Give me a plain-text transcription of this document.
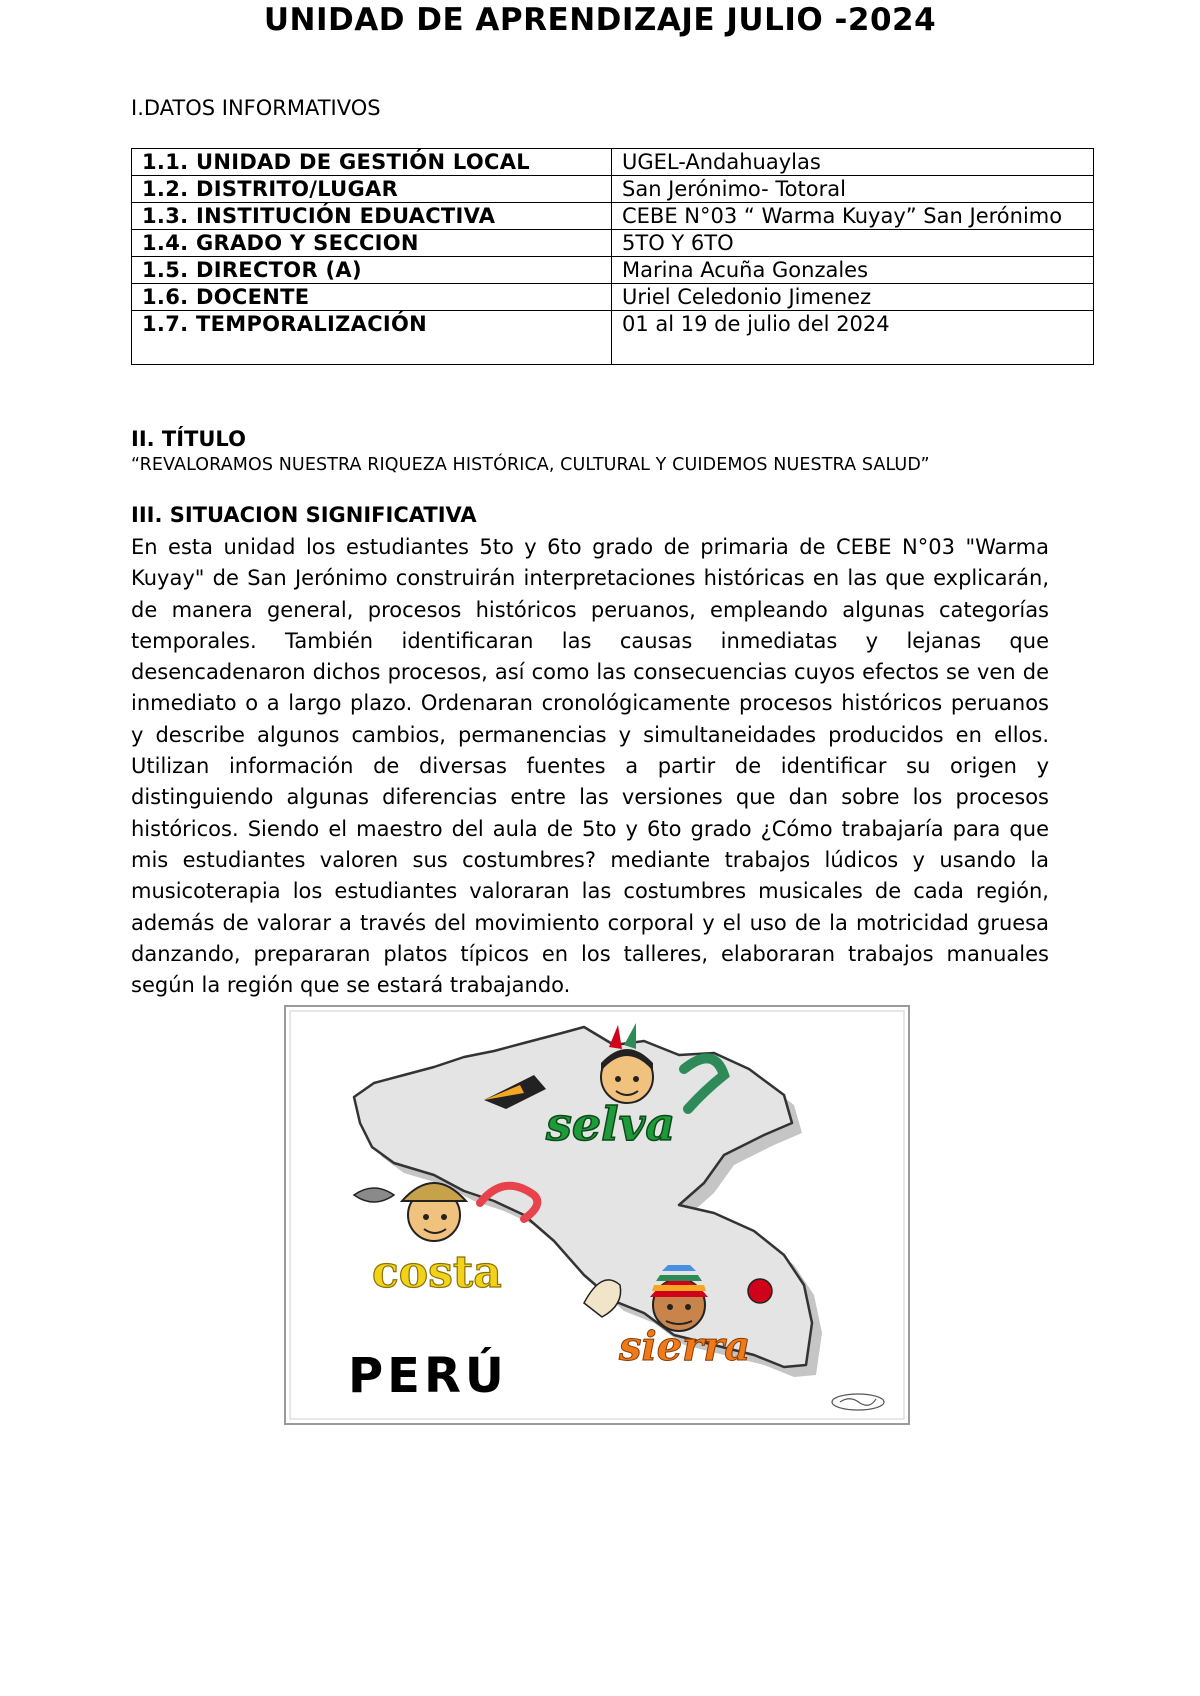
UNIDAD DE APRENDIZAJE JULIO -2024
I.DATOS INFORMATIVOS
1.1. UNIDAD DE GESTIÓN LOCAL	UGEL-Andahuaylas
1.2. DISTRITO/LUGAR	San Jerónimo- Totoral
1.3. INSTITUCIÓN EDUACTIVA	CEBE N°03 “ Warma Kuyay” San Jerónimo
1.4. GRADO Y SECCION	5TO Y 6TO
1.5. DIRECTOR (A)	Marina Acuña Gonzales
1.6. DOCENTE	Uriel Celedonio Jimenez
1.7. TEMPORALIZACIÓN	01 al 19 de julio del 2024
II. TÍTULO
“REVALORAMOS NUESTRA RIQUEZA HISTÓRICA, CULTURAL Y CUIDEMOS NUESTRA SALUD”
III. SITUACION SIGNIFICATIVA

En esta unidad los estudiantes 5to y 6to grado de primaria de CEBE N°03 "Warma Kuyay" de San Jerónimo construirán interpretaciones históricas en las que explicarán, de manera general, procesos históricos peruanos, empleando algunas categorías temporales. También identificaran las causas inmediatas y lejanas que desencadenaron dichos procesos, así como las consecuencias cuyos efectos se ven de inmediato o a largo plazo. Ordenaran cronológicamente procesos históricos peruanos y describe algunos cambios, permanencias y simultaneidades producidos en ellos. Utilizan información de diversas fuentes a partir de identificar su origen y distinguiendo algunas diferencias entre las versiones que dan sobre los procesos históricos. Siendo el maestro del aula de 5to y 6to grado ¿Cómo trabajaría para que mis estudiantes valoren sus costumbres? mediante trabajos lúdicos y usando la musicoterapia los estudiantes valoraran las costumbres musicales de cada región, además de valorar a través del movimiento corporal y el uso de la motricidad gruesa danzando, prepararan platos típicos en los talleres, elaboraran trabajos manuales según la región que se estará trabajando.

selva
costa
sierra
PERÚ
